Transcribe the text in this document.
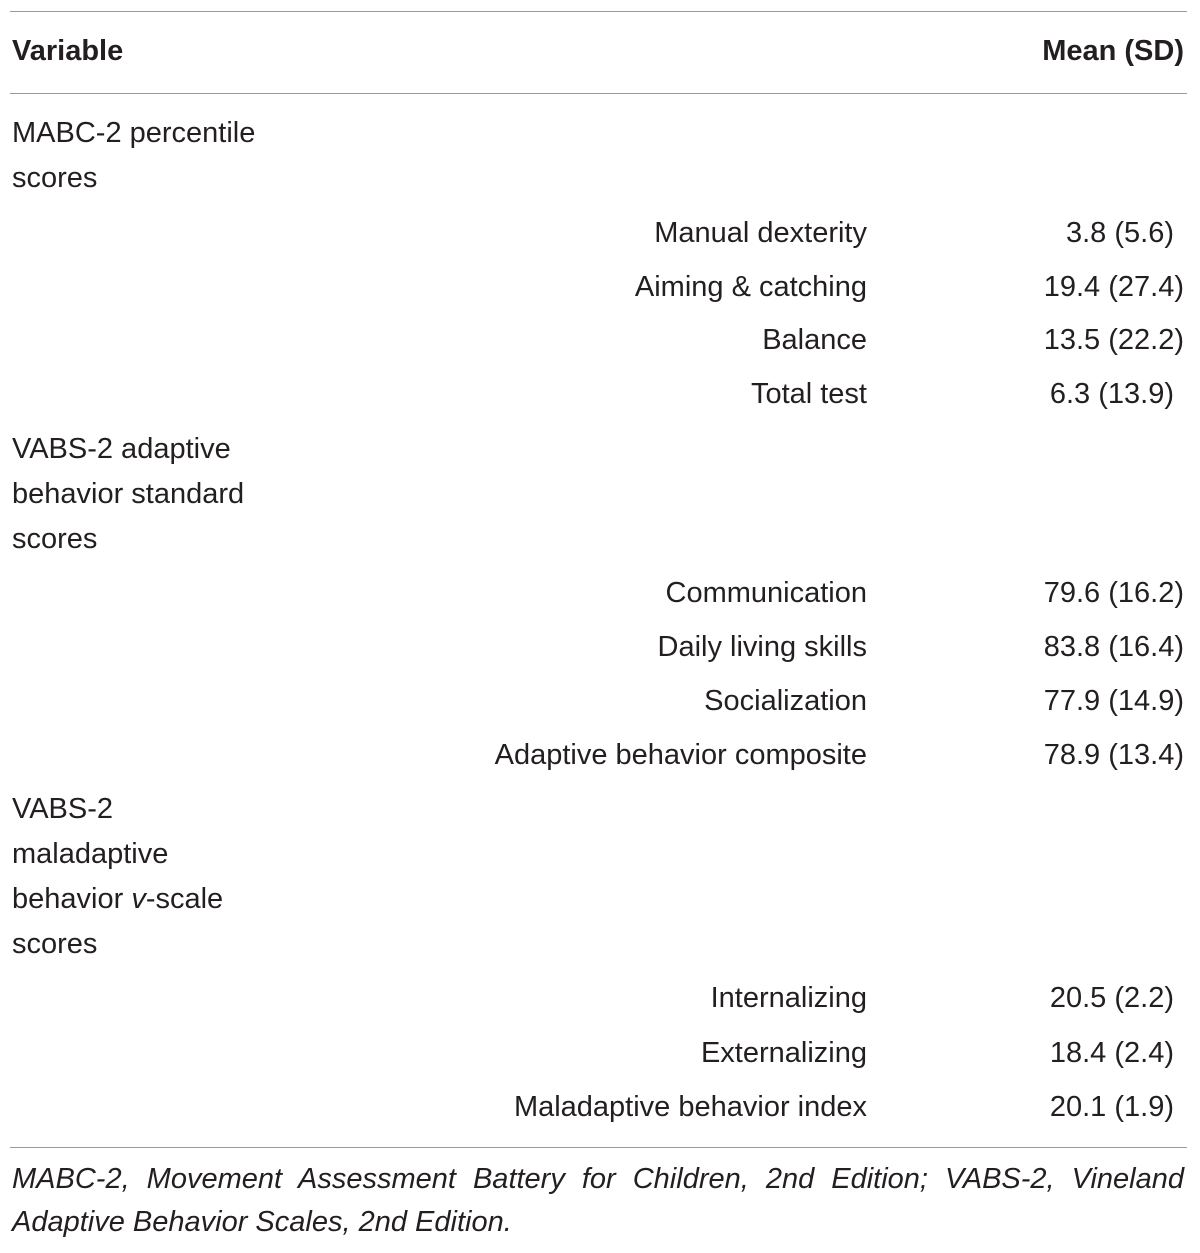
Variable	Mean (SD)
MABC-2 percentile
scores
Manual dexterity	3.8 (5.6)
Aiming & catching	19.4 (27.4)
Balance	13.5 (22.2)
Total test	6.3 (13.9)
VABS-2 adaptive
behavior standard
scores
Communication	79.6 (16.2)
Daily living skills	83.8 (16.4)
Socialization	77.9 (14.9)
Adaptive behavior composite	78.9 (13.4)
VABS-2
maladaptive
behavior v-scale
scores
Internalizing	20.5 (2.2)
Externalizing	18.4 (2.4)
Maladaptive behavior index	20.1 (1.9)
MABC-2, Movement Assessment Battery for Children, 2nd Edition; VABS-2, Vineland Adaptive Behavior Scales, 2nd Edition.
